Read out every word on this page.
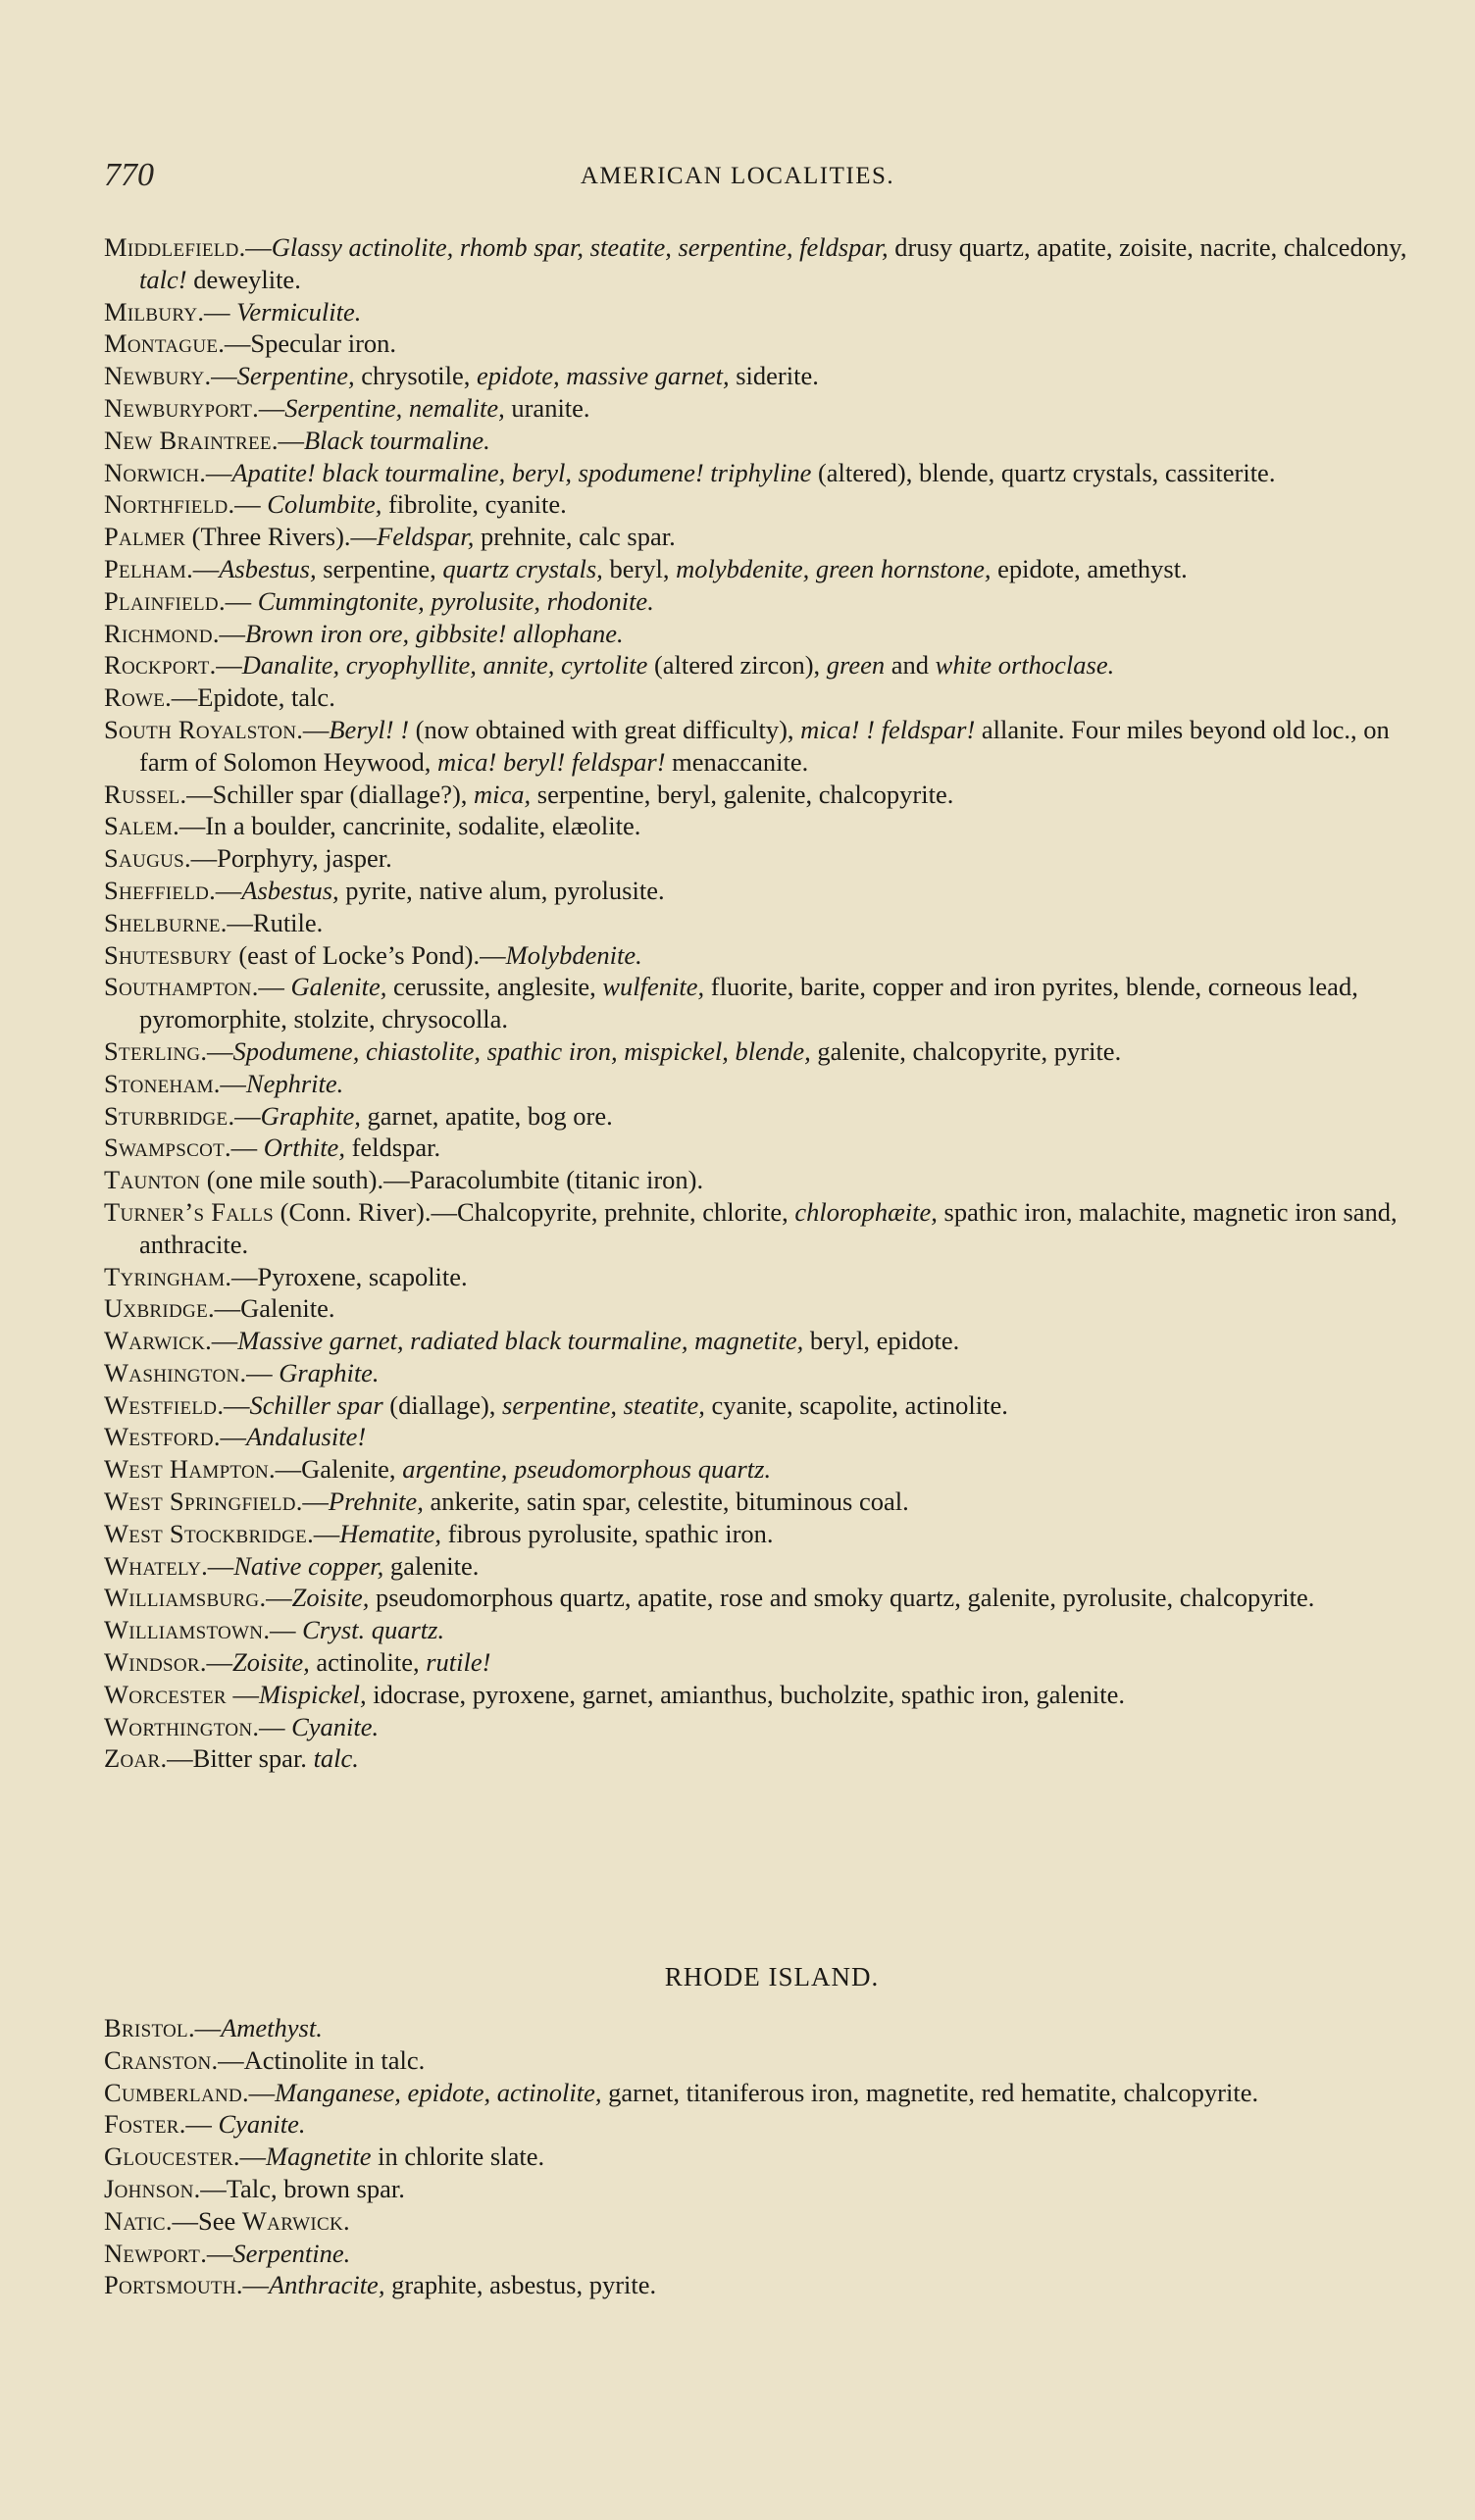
770	AMERICAN LOCALITIES.

Middlefield.—Glassy actinolite, rhomb spar, steatite, serpentine, feldspar, drusy quartz, apatite, zoisite, nacrite, chalcedony, talc! deweylite.

Milbury.— Vermiculite.

Montague.—Specular iron.

Newbury.—Serpentine, chrysotile, epidote, massive garnet, siderite.

Newburyport.—Serpentine, nemalite, uranite.

New Braintree.—Black tourmaline.

Norwich.—Apatite! black tourmaline, beryl, spodumene! triphyline (altered), blende, quartz crystals, cassiterite.

Northfield.— Columbite, fibrolite, cyanite.

Palmer (Three Rivers).—Feldspar, prehnite, calc spar.

Pelham.—Asbestus, serpentine, quartz crystals, beryl, molybdenite, green hornstone, epidote, amethyst.

Plainfield.— Cummingtonite, pyrolusite, rhodonite.

Richmond.—Brown iron ore, gibbsite! allophane.

Rockport.—Danalite, cryophyllite, annite, cyrtolite (altered zircon), green and white orthoclase.

Rowe.—Epidote, talc.

South Royalston.—Beryl! ! (now obtained with great difficulty), mica! ! feldspar! allanite. Four miles beyond old loc., on farm of Solomon Heywood, mica! beryl! feldspar! menaccanite.

Russel.—Schiller spar (diallage?), mica, serpentine, beryl, galenite, chalcopyrite.

Salem.—In a boulder, cancrinite, sodalite, elæolite.

Saugus.—Porphyry, jasper.

Sheffield.—Asbestus, pyrite, native alum, pyrolusite.

Shelburne.—Rutile.

Shutesbury (east of Locke’s Pond).—Molybdenite.

Southampton.— Galenite, cerussite, anglesite, wulfenite, fluorite, barite, copper and iron pyrites, blende, corneous lead, pyromorphite, stolzite, chrysocolla.

Sterling.—Spodumene, chiastolite, spathic iron, mispickel, blende, galenite, chalcopyrite, pyrite.

Stoneham.—Nephrite.

Sturbridge.—Graphite, garnet, apatite, bog ore.

Swampscot.— Orthite, feldspar.

Taunton (one mile south).—Paracolumbite (titanic iron).

Turner’s Falls (Conn. River).—Chalcopyrite, prehnite, chlorite, chlorophæite, spathic iron, malachite, magnetic iron sand, anthracite.

Tyringham.—Pyroxene, scapolite.

Uxbridge.—Galenite.

Warwick.—Massive garnet, radiated black tourmaline, magnetite, beryl, epidote.

Washington.— Graphite.

Westfield.—Schiller spar (diallage), serpentine, steatite, cyanite, scapolite, actinolite.

Westford.—Andalusite!

West Hampton.—Galenite, argentine, pseudomorphous quartz.

West Springfield.—Prehnite, ankerite, satin spar, celestite, bituminous coal.

West Stockbridge.—Hematite, fibrous pyrolusite, spathic iron.

Whately.—Native copper, galenite.

Williamsburg.—Zoisite, pseudomorphous quartz, apatite, rose and smoky quartz, galenite, pyrolusite, chalcopyrite.

Williamstown.— Cryst. quartz.

Windsor.—Zoisite, actinolite, rutile!

Worcester —Mispickel, idocrase, pyroxene, garnet, amianthus, bucholzite, spathic iron, galenite.

Worthington.— Cyanite.

Zoar.—Bitter spar. talc.

RHODE ISLAND.

Bristol.—Amethyst.

Cranston.—Actinolite in talc.

Cumberland.—Manganese, epidote, actinolite, garnet, titaniferous iron, magnetite, red hematite, chalcopyrite.

Foster.— Cyanite.

Gloucester.—Magnetite in chlorite slate.

Johnson.—Talc, brown spar.

Natic.—See Warwick.

Newport.—Serpentine.

Portsmouth.—Anthracite, graphite, asbestus, pyrite.
